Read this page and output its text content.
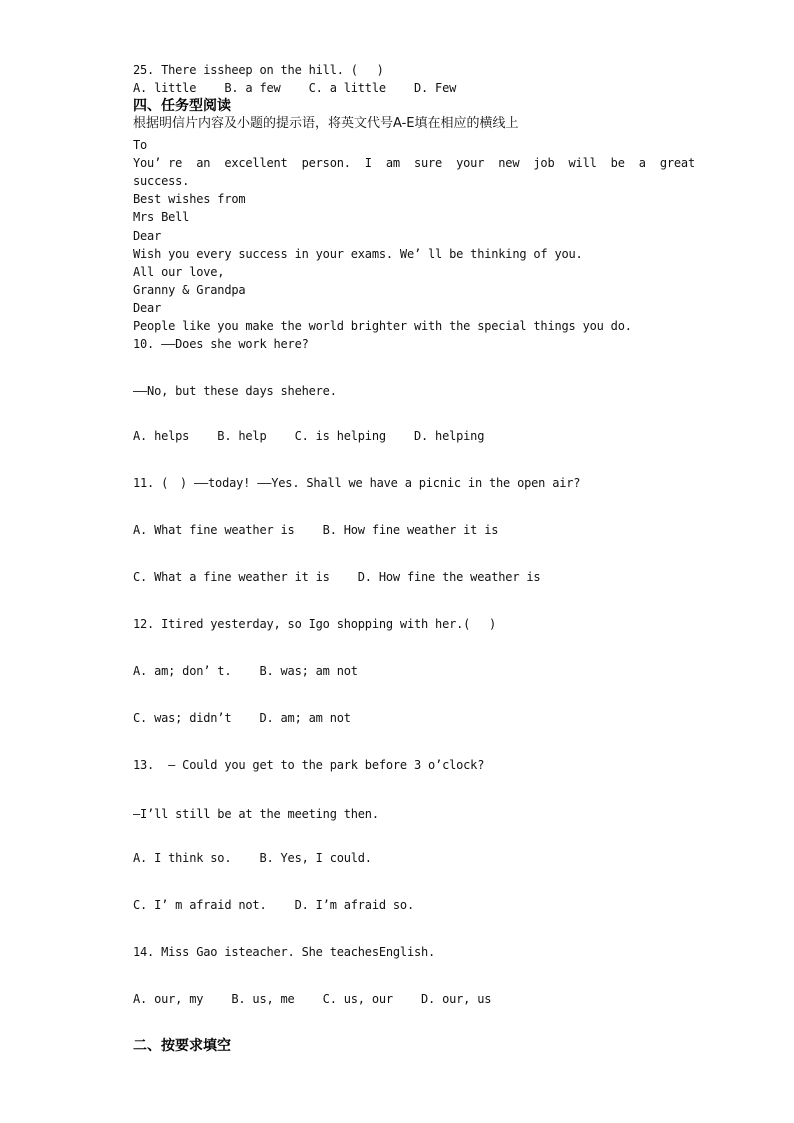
25. There issheep on the hill. (　 )

A. little    B. a few    C. a little    D. Few

四、任务型阅读

根据明信片内容及小题的提示语，将英文代号A-E填在相应的横线上

To

You’ re  an  excellent  person.  I  am  sure  your  new  job  will  be  a  great

success.

Best wishes from

Mrs Bell

Dear

Wish you every success in your exams. We’ ll be thinking of you.

All our love,

Granny & Grandpa

Dear

People like you make the world brighter with the special things you do.

10. ——Does she work here?

——No, but these days shehere.

A. helps    B. help    C. is helping    D. helping

11. (　) ——today! ——Yes. Shall we have a picnic in the open air?

A. What fine weather is    B. How fine weather it is

C. What a fine weather it is    D. How fine the weather is

12. Itired yesterday, so Igo shopping with her.(　 )

A. am; don’ t.    B. was; am not

C. was; didn’t    D. am; am not

13.  — Could you get to the park before 3 o’clock?

—I’ll still be at the meeting then.

A. I think so.    B. Yes, I could.

C. I’ m afraid not.    D. I’m afraid so.

14. Miss Gao isteacher. She teachesEnglish.

A. our, my    B. us, me    C. us, our    D. our, us

二、按要求填空
